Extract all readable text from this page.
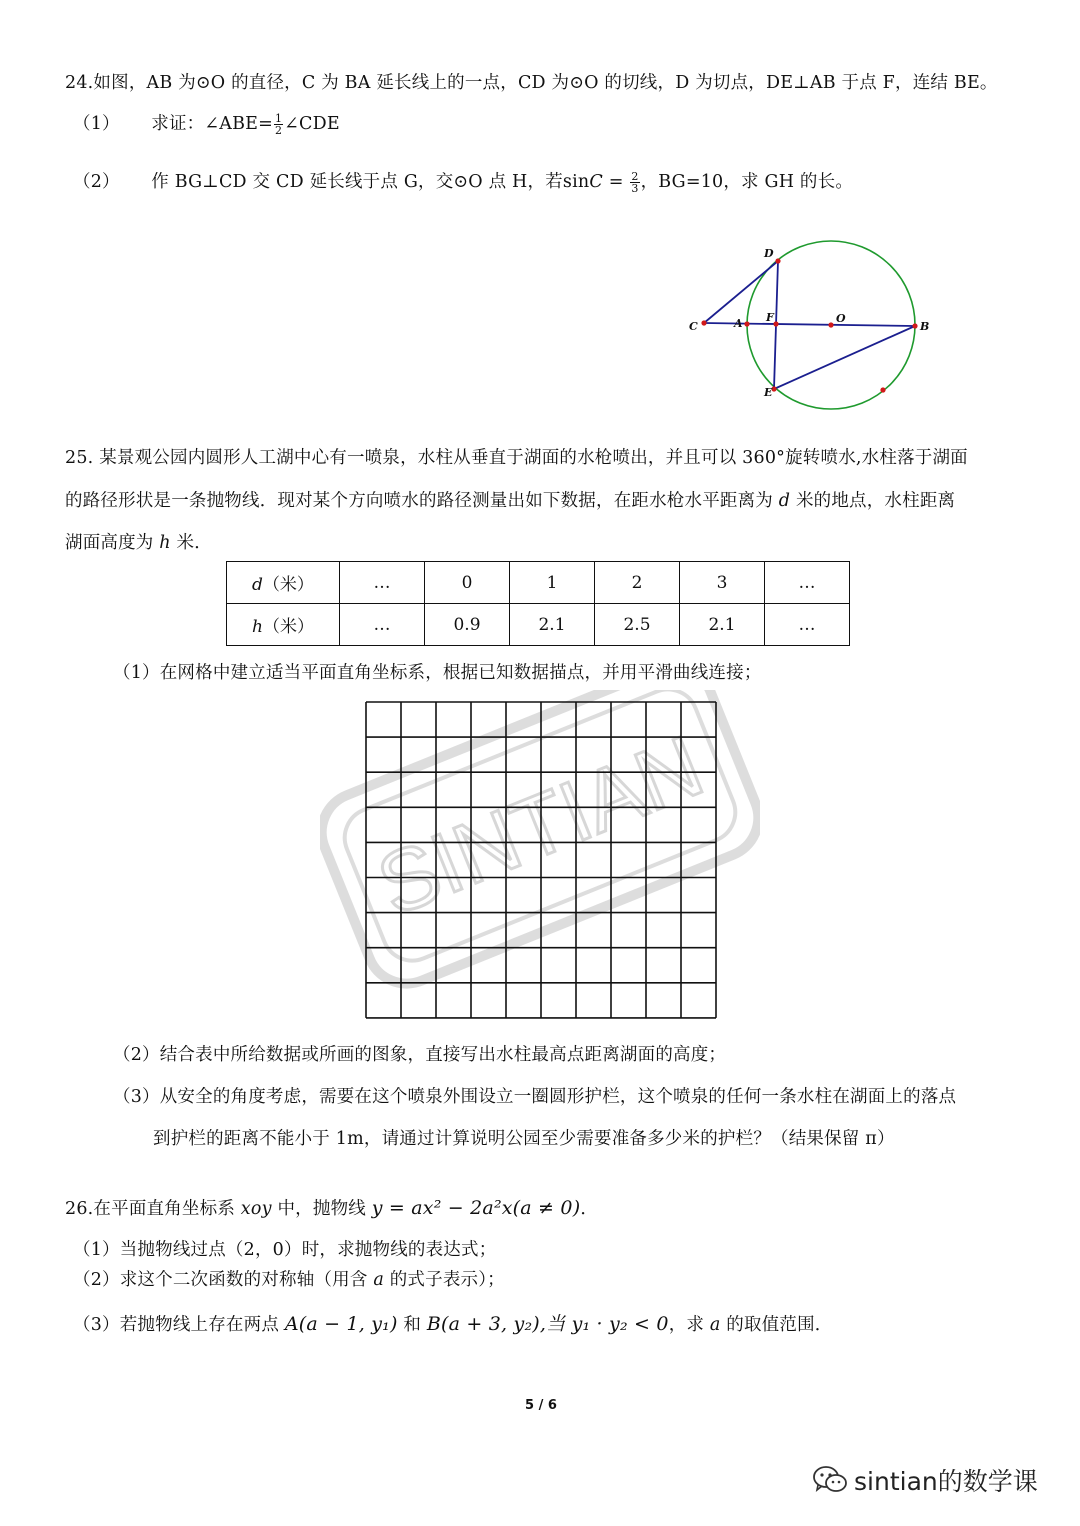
24.如图，AB 为⊙O 的直径，C 为 BA 延长线上的一点，CD 为⊙O 的切线，D 为切点，DE⊥AB 于点 F，连结 BE。
（1） 求证：∠ABE= $\frac{1}{2}$ ∠CDE
（2） 作 BG⊥CD 交 CD 延长线于点 G，交⊙O 点 H，若$\sin C = \frac{2}{3}$ ，BG=10，求 GH 的长。
D
C	A F	O
B
E
25. 某景观公园内圆形人工湖中心有一喷泉，水柱从垂直于湖面的水枪喷出，并且可以 360°旋转喷水,水柱落于湖面
的路径形状是一条抛物线．现对某个方向喷水的路径测量出如下数据，在距水枪水平距离为 d 米的地点，水柱距离
湖面高度为 h 米．
d（米）	…	0	1	2	3	…
h（米）	…	0.9	2.1	2.5	2.1	…
（1）在网格中建立适当平面直角坐标系，根据已知数据描点，并用平滑曲线连接；
SINTIAN
（2）结合表中所给数据或所画的图象，直接写出水柱最高点距离湖面的高度；
（3）从安全的角度考虑，需要在这个喷泉外围设立一圈圆形护栏，这个喷泉的任何一条水柱在湖面上的落点
到护栏的距离不能小于 1m，请通过计算说明公园至少需要准备多少米的护栏？（结果保留 π）
26.在平面直角坐标系 xoy 中，抛物线 y = ax² − 2a²x(a ≠ 0)．
（1）当抛物线过点（2，0）时，求抛物线的表达式；
（2）求这个二次函数的对称轴（用含 a 的式子表示）；
（3）若抛物线上存在两点 A(a − 1, y₁) 和 B(a + 3, y₂),当 y₁ · y₂ < 0，求 a 的取值范围．
5 / 6
sintian的数学课
